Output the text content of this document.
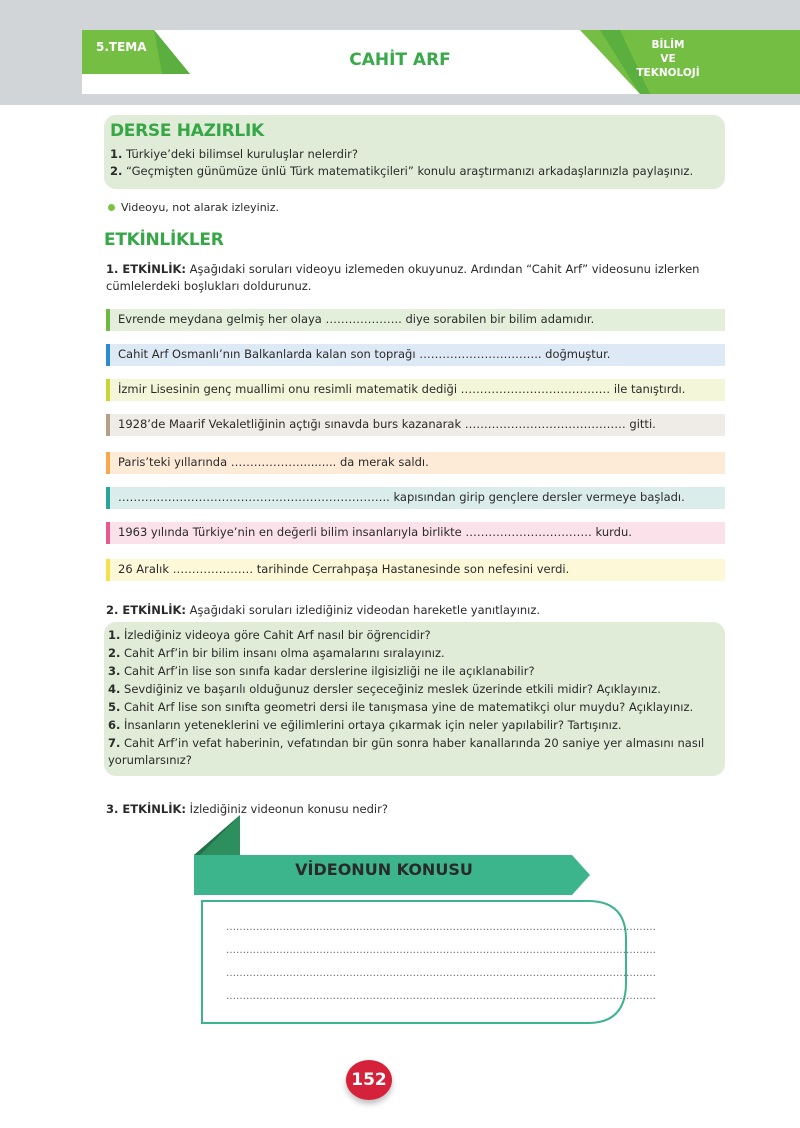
5.TEMA
CAHİT ARF
BİLİM
VE
TEKNOLOJİ
DERSE HAZIRLIK
1. Türkiye’deki bilimsel kuruluşlar nelerdir?
2. “Geçmişten günümüze ünlü Türk matematikçileri” konulu araştırmanızı arkadaşlarınızla paylaşınız.
Videoyu, not alarak izleyiniz.
ETKİNLİKLER
1. ETKİNLİK: Aşağıdaki soruları videoyu izlemeden okuyunuz. Ardından “Cahit Arf” videosunu izlerken
cümlelerdeki boşlukları doldurunuz.
Evrende meydana gelmiş her olaya ……………….. diye sorabilen bir bilim adamıdır.
Cahit Arf Osmanlı’nın Balkanlarda kalan son toprağı ………………………….. doğmuştur.
İzmir Lisesinin genç muallimi onu resimli matematik dediği ………………………………… ile tanıştırdı.
1928’de Maarif Vekaletliğinin açtığı sınavda burs kazanarak …………………………………… gitti.
Paris’teki yıllarında ……………….......... da merak saldı.
…………………………………………………………….. kapısından girip gençlere dersler vermeye başladı.
1963 yılında Türkiye’nin en değerli bilim insanlarıyla birlikte …………………………… kurdu.
26 Aralık ………………… tarihinde Cerrahpaşa Hastanesinde son nefesini verdi.
2. ETKİNLİK: Aşağıdaki soruları izlediğiniz videodan hareketle yanıtlayınız.
1. İzlediğiniz videoya göre Cahit Arf nasıl bir öğrencidir?
2. Cahit Arf’in bir bilim insanı olma aşamalarını sıralayınız.
3. Cahit Arf’in lise son sınıfa kadar derslerine ilgisizliği ne ile açıklanabilir?
4. Sevdiğiniz ve başarılı olduğunuz dersler seçeceğiniz meslek üzerinde etkili midir? Açıklayınız.
5. Cahit Arf lise son sınıfta geometri dersi ile tanışmasa yine de matematikçi olur muydu? Açıklayınız.
6. İnsanların yeteneklerini ve eğilimlerini ortaya çıkarmak için neler yapılabilir? Tartışınız.
7. Cahit Arf’in vefat haberinin, vefatından bir gün sonra haber kanallarında 20 saniye yer almasını nasıl
yorumlarsınız?
3. ETKİNLİK: İzlediğiniz videonun konusu nedir?
VİDEONUN KONUSU
…………………………………………………………………………………………………………………
…………………………………………………………………………………………………………………
…………………………………………………………………………………………………………………
…………………………………………………………………………………………………………………
152
